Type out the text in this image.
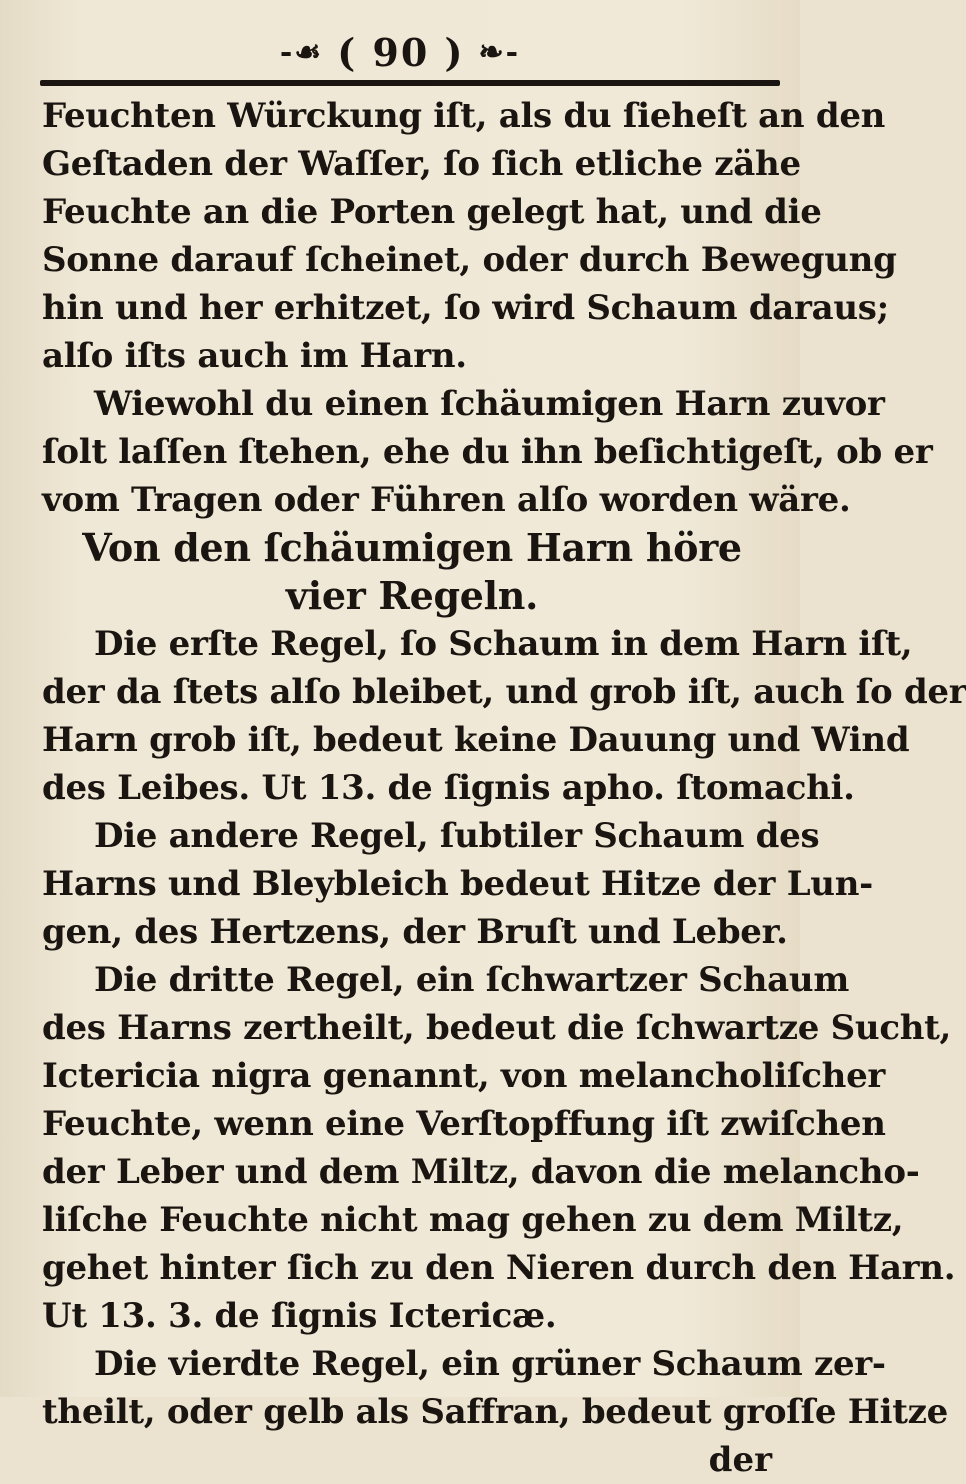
-☙ ( 90 ) ❧-
Feuchten Würckung iſt, als du ſieheſt an den
Geſtaden der Waſſer, ſo ſich etliche zähe
Feuchte an die Porten gelegt hat, und die
Sonne darauf ſcheinet, oder durch Bewegung
hin und her erhitzet, ſo wird Schaum daraus;
alſo iſts auch im Harn.
Wiewohl du einen ſchäumigen Harn zuvor
ſolt laſſen ſtehen, ehe du ihn beſichtigeſt, ob er
vom Tragen oder Führen alſo worden wäre.
Von den ſchäumigen Harn höre
vier Regeln.
Die erſte Regel, ſo Schaum in dem Harn iſt,
der da ſtets alſo bleibet, und grob iſt, auch ſo der
Harn grob iſt, bedeut keine Dauung und Wind
des Leibes. Ut 13. de ſignis apho. ſtomachi.
Die andere Regel, ſubtiler Schaum des
Harns und Bleybleich bedeut Hitze der Lun-
gen, des Hertzens, der Bruſt und Leber.
Die dritte Regel, ein ſchwartzer Schaum
des Harns zertheilt, bedeut die ſchwartze Sucht,
Ictericia nigra genannt, von melancholiſcher
Feuchte, wenn eine Verſtopffung iſt zwiſchen
der Leber und dem Miltz, davon die melancho-
liſche Feuchte nicht mag gehen zu dem Miltz,
gehet hinter ſich zu den Nieren durch den Harn.
Ut 13. 3. de ſignis Ictericæ.
Die vierdte Regel, ein grüner Schaum zer-
theilt, oder gelb als Saffran, bedeut groſſe Hitze
der
